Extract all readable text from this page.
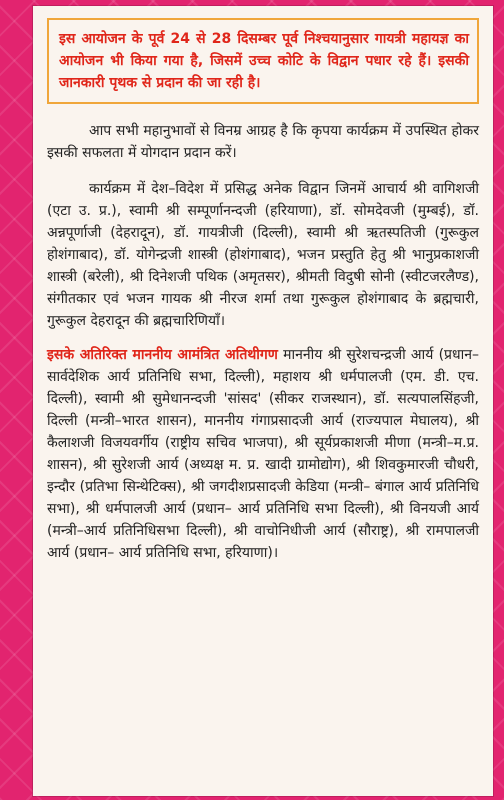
इस आयोजन के पूर्व 24 से 28 दिसम्बर पूर्व निश्चयानुसार गायत्री महायज्ञ का आयोजन भी किया गया है, जिसमें उच्च कोटि के विद्वान पधार रहे हैं। इसकी जानकारी पृथक से प्रदान की जा रही है।

आप सभी महानुभावों से विनम्र आग्रह है कि कृपया कार्यक्रम में उपस्थित होकर इसकी सफलता में योगदान प्रदान करें।

कार्यक्रम में देश–विदेश में प्रसिद्ध अनेक विद्वान जिनमें आचार्य श्री वागिशजी (एटा उ. प्र.), स्वामी श्री सम्पूर्णानन्दजी (हरियाणा), डॉ. सोमदेवजी (मुम्बई), डॉ. अन्नपूर्णाजी (देहरादून), डॉ. गायत्रीजी (दिल्ली), स्वामी श्री ऋतस्पतिजी (गुरूकुल होशंगाबाद), डॉ. योगेन्द्रजी शास्त्री (होशंगाबाद), भजन प्रस्तुति हेतु श्री भानुप्रकाशजी शास्त्री (बरेली), श्री दिनेशजी पथिक (अमृतसर), श्रीमती विदुषी सोनी (स्वीटजरलैण्ड), संगीतकार एवं भजन गायक श्री नीरज शर्मा तथा गुरूकुल होशंगाबाद के ब्रह्मचारी, गुरूकुल देहरादून की ब्रह्मचारिणियॉं।

इसके अतिरिक्त माननीय आमंत्रित अतिथीगण माननीय श्री सुरेशचन्द्रजी आर्य (प्रधान–सार्वदेशिक आर्य प्रतिनिधि सभा, दिल्ली), महाशय श्री धर्मपालजी (एम. डी. एच. दिल्ली), स्वामी श्री सुमेधानन्दजी 'सांसद' (सीकर राजस्थान), डॉ. सत्यपालसिंहजी, दिल्ली (मन्त्री–भारत शासन), माननीय गंगाप्रसादजी आर्य (राज्यपाल मेघालय), श्री कैलाशजी विजयवर्गीय (राष्ट्रीय सचिव भाजपा), श्री सूर्यप्रकाशजी मीणा (मन्त्री–म.प्र. शासन), श्री सुरेशजी आर्य (अध्यक्ष म. प्र. खादी ग्रामोद्योग), श्री शिवकुमारजी चौधरी, इन्दौर (प्रतिभा सिन्थेटिक्स), श्री जगदीशप्रसादजी केडिया (मन्त्री– बंगाल आर्य प्रतिनिधि सभा), श्री धर्मपालजी आर्य (प्रधान– आर्य प्रतिनिधि सभा दिल्ली), श्री विनयजी आर्य (मन्त्री–आर्य प्रतिनिधिसभा दिल्ली), श्री वाचोनिधीजी आर्य (सौराष्ट्र), श्री रामपालजी आर्य (प्रधान– आर्य प्रतिनिधि सभा, हरियाणा)।
